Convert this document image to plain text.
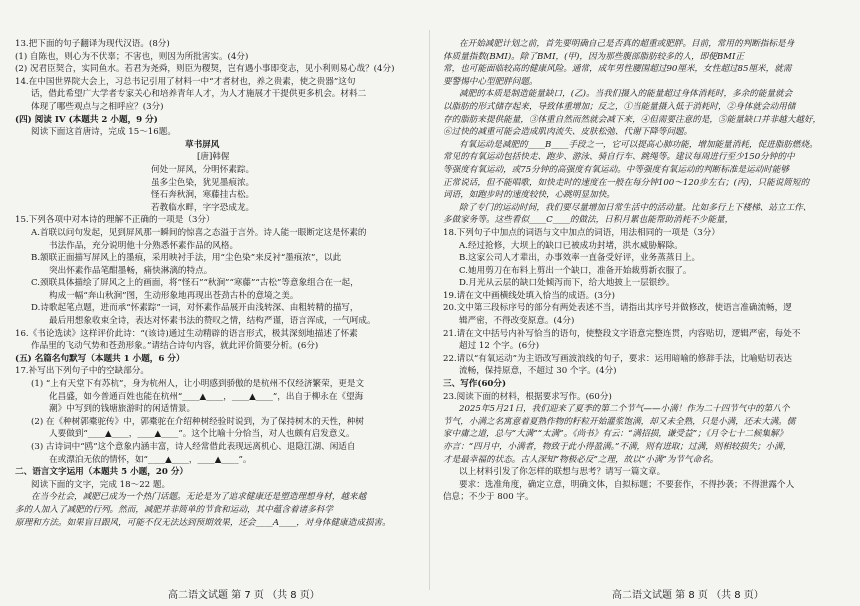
13.把下面的句子翻译为现代汉语。(8分)
(1) 自陈也，则心为不伏辜；不害也，则因为所批害实。(4分)
(2) 况君臣契合，实同鱼水。若君为尧舜，则臣为稷契，岂有遇小事即变志，见小利则易心哉？(4分)
14.在中国世界院大会上，习总书记引用了材料一中“才者材也，养之贵素，使之贵器”这句
话，借此希望广大学者专家关心和培养青年人才，为人才施展才干提供更多机会。材料二
体现了哪些观点与之相呼应？(3分)
(四) 阅读 IV (本题共 2 小题，9 分)
阅读下面这首唐诗，完成 15～16题。
草书屏风
[唐]韩偓
何处一屏风，分明怀素踪。
虽多尘色染，犹见墨痕浓。
怪石奔秋涧，寒藤挂古松。
若教临水畔，字字恐成龙。
15.下列各项中对本诗的理解不正确的一项是（3分）
A.首联以问句发起，见到屏风那一瞬间的惊喜之态溢于言外。诗人能一眼断定这是怀素的
书法作品，充分说明他十分熟悉怀素作品的风格。
B.颔联正面描写屏风上的墨痕，采用映衬手法，用“尘色染”来反衬“墨痕浓”，以此
突出怀素作品笔酣墨畅，痛快淋漓的特点。
C.颈联具体描绘了屏风之上的画面，将“怪石”“秋涧”“寒藤”“古松”等意象组合在一起，
构成一幅“奔山秋涧”图，生动形象地再现出苍劲古朴的意境之美。
D.诗歌起笔点题，进而承“怀素踪”一词，对怀素作品展开由浅转深、由粗转精的描写，
最后用想象收束全诗，表达对怀素书法的赞叹之情，结构严谨，语言浑成，一气呵成。
16.《书论选读》这样评价此诗：“(该诗)通过生动精辟的语言形式，极其深刻地描述了怀素
作品里的飞动气势和苍劲形象。”请结合诗句内容，就此评价简要分析。(6分)
(五) 名篇名句默写（本题共 1 小题，6 分）
17.补写出下列句子中的空缺部分。
(1) “上有天堂下有苏杭”，身为杭州人，让小明感到骄傲的是杭州不仅经济繁荣，更是文
化昌盛，如今普通百姓也能在杭州“____▲____，____▲____”，出自于柳永在《望海
潮》中写到的钱塘旅游时的闲适情景。
(2) 在《种树郭橐驼传》中，郭橐驼在介绍种树经验时说到，为了保持树木的天性，种树
人要做到“____▲____，____▲____”。这个比喻十分恰当，对人也颇有启发意义。
(3) 古诗词中“鸥”这个意象内涵丰富，诗人经常借此表现远离机心、退隐江湖、闲适自
在或漂泊无依的情怀，如“____▲____，____▲____”。
二、语言文字运用（本题共 5 小题，20 分）
阅读下面的文字，完成 18～22 题。
在当今社会，减肥已成为一个热门话题。无论是为了追求健康还是塑造理想身材，越来越
多的人加入了减肥的行列。然而，减肥并非简单的节食和运动，其中蕴含着诸多科学
原理和方法。如果盲目跟风，可能不仅无法达到预期效果，还会____A____，对身体健康造成损害。
在开始减肥计划之前，首先要明确自己是否真的超重或肥胖。目前，常用的判断指标是身
体质量指数(BMI)。除了BMI，(甲)，因为那些腹部脂肪较多的人，即便BMI正
常，也可能面临较高的健康风险。通常，成年男性腰围超过90厘米，女性超过85厘米，就需
要警惕中心型肥胖问题。
减肥的本质是制造能量缺口，(乙)。当我们摄入的能量超过身体消耗时，多余的能量就会
以脂肪的形式储存起来，导致体重增加；反之，①当能量摄入低于消耗时，②身体就会动用储
存的脂肪来提供能量，③体重自然而然就会减下来，④但需要注意的是，⑤能量缺口并非越大越好，
⑥过快的减重可能会造成肌肉流失、皮肤松弛、代谢下降等问题。
有氧运动是减肥的____B____手段之一，它可以提高心肺功能，增加能量消耗，促进脂肪燃烧。
常见的有氧运动包括快走、跑步、游泳、骑自行车、跳绳等。建议每周进行至少150分钟的中
等强度有氧运动，或75分钟的高强度有氧运动。中等强度有氧运动的判断标准是运动时能够
正常说话，但不能唱歌，如快走时的速度在一般在每分钟100～120步左右；(丙)，只能说简短的
词语，如跑步时的速度较快，心跳明显加快。
除了专门的运动时间，我们要尽量增加日常生活中的活动量。比如多行上下楼梯、站立工作、
多做家务等。这些看似____C____的做法，日积月累也能帮助消耗不少能量，
18.下列句子中加点的词语与文中加点的词语，用法相同的一项是（3分）
A.经过抢修，大坝上的缺口已被成功封堵，洪水威胁解除。
B.这家公司人才辈出，办事效率一直备受好评，业务蒸蒸日上。
C.她用剪刀在布料上剪出一个缺口，准备开始裁剪新衣服了。
D.月光从云层的缺口处倾泻而下，给大地披上一层银纱。
19.请在文中画横线处填入恰当的成语。(3分)
20.文中第三段标序号的部分有两处表述不当，请指出其序号并做修改，使语言准确流畅，逻
辑严密，不得改变原意。(4分)
21.请在文中括号内补写恰当的语句，使整段文字语意完整连贯，内容贴切，逻辑严密，每处不
超过 12 个字。(6分)
22.请以“有氧运动”为主语改写画波浪线的句子，要求：运用暗喻的修辞手法，比喻贴切表达
流畅，保持原意，不超过 30 个字。(4分)
三、写作(60分)
23.阅读下面的材料，根据要求写作。(60分)
2025年5月21日，我们迎来了夏季的第二个节气——小满！作为二十四节气中的第八个
节气，小满之名寓意着夏熟作物的籽粒开始灌浆饱满，却又未全熟，只是小满，还未大满。儒
家中庸之道，总与“大满”“太满”。《尚书》有云：“满招损，谦受益”；《月令七十二候集解》
亦言：“四月中，小满者，物致于此小得盈满。”不满，则有进取；过满，则相较损失；小满，
才是最幸福的状态。古人深知“物极必反”之理，故以“小满”为节气命名。
以上材料引发了你怎样的联想与思考？请写一篇文章。
要求：选准角度，确定立意，明确文体，自拟标题；不要套作，不得抄袭；不得泄露个人
信息；不少于 800 字。
高二语文试题 第 7 页 （共 8 页）	高二语文试题 第 8 页 （共 8 页）
